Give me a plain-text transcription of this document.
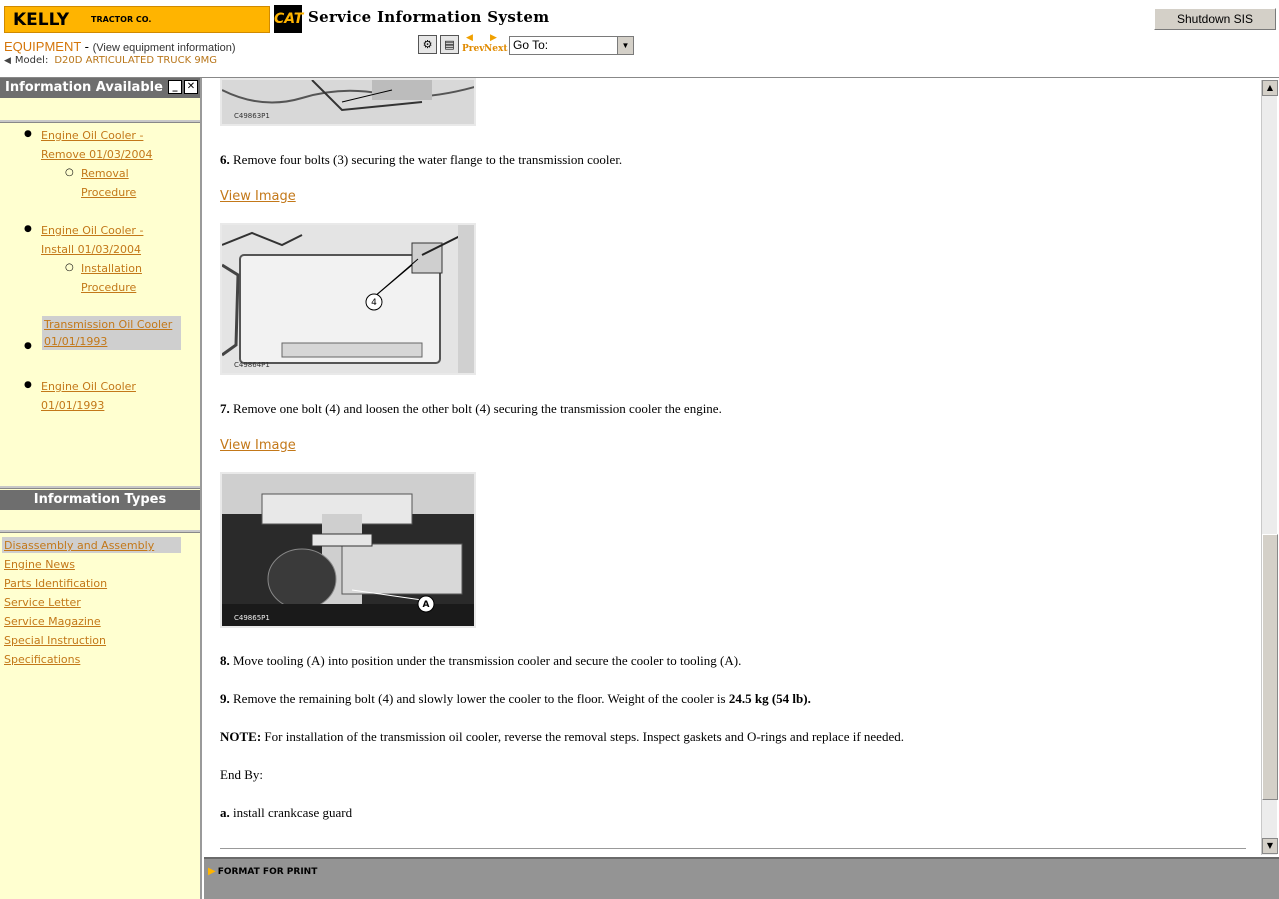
KELLY	TRACTOR CO.	CAT Service Information System	Shutdown SIS
EQUIPMENT - (View equipment information)
◀ Model: D20D ARTICULATED TRUCK 9MG
⚙	▤	◀ ▶
Prev Next Go To:	▼
Information Available _ ✕
● Engine Oil Cooler -
Remove 01/03/2004
○ Removal
Procedure
● Engine Oil Cooler -
Install 01/03/2004
○ Installation
Procedure
●
Transmission Oil Cooler
01/01/1993
● Engine Oil Cooler
01/01/1993
Information Types
Disassembly and Assembly
Engine News
Parts Identification
Service Letter
Service Magazine
Special Instruction
Specifications
C49863P1
6. Remove four bolts (3) securing the water flange to the transmission cooler.
View Image
4
C49864P1
7. Remove one bolt (4) and loosen the other bolt (4) securing the transmission cooler the engine.
View Image
A
C49865P1
8. Move tooling (A) into position under the transmission cooler and secure the cooler to tooling (A).
9. Remove the remaining bolt (4) and slowly lower the cooler to the floor. Weight of the cooler is 24.5 kg (54 lb).
NOTE: For installation of the transmission oil cooler, reverse the removal steps. Inspect gaskets and O-rings and replace if needed.
End By:
a. install crankcase guard
▲
▼
▶ FORMAT FOR PRINT
